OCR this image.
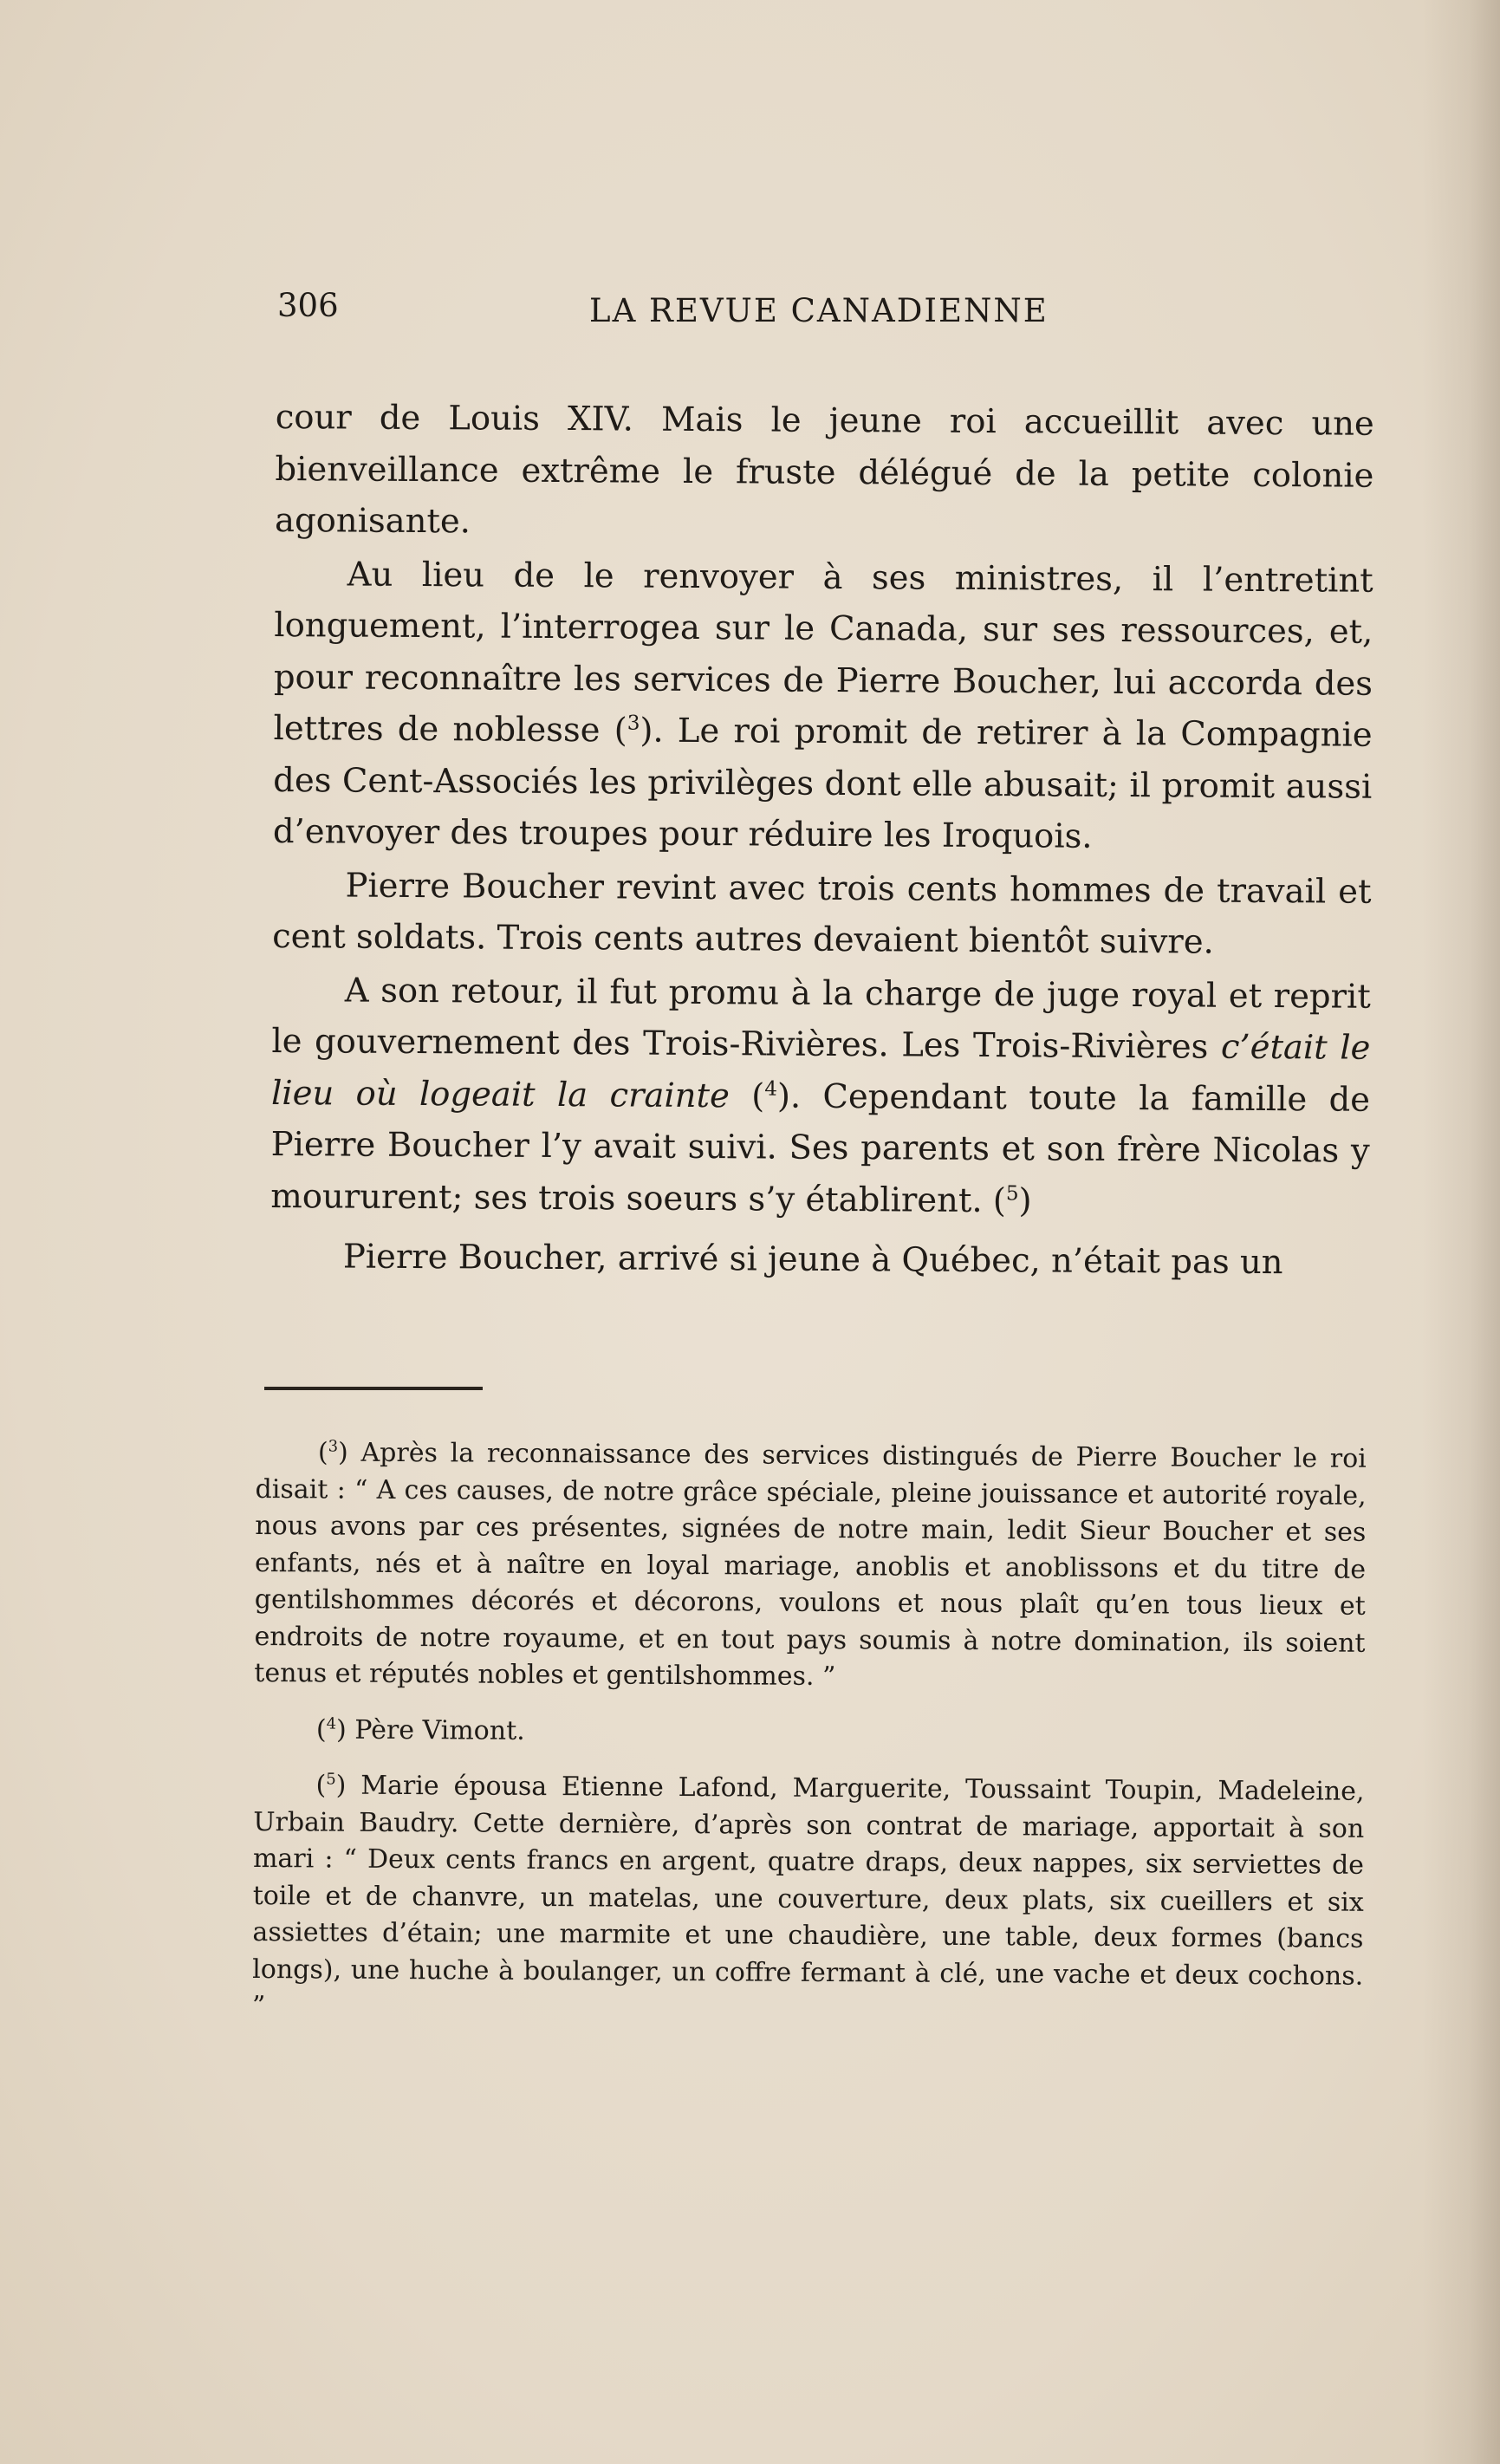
306	LA REVUE CANADIENNE

cour de Louis XIV. Mais le jeune roi accueillit avec une bienveillance extrême le fruste délégué de la petite colonie agonisante.

Au lieu de le renvoyer à ses ministres, il l’entretint longuement, l’interrogea sur le Canada, sur ses ressources, et, pour reconnaître les services de Pierre Boucher, lui accorda des lettres de noblesse ($^3$). Le roi promit de retirer à la Compagnie des Cent-Associés les privilèges dont elle abusait; il promit aussi d’envoyer des troupes pour réduire les Iroquois.

Pierre Boucher revint avec trois cents hommes de travail et cent soldats. Trois cents autres devaient bientôt suivre.

A son retour, il fut promu à la charge de juge royal et reprit le gouvernement des Trois-Rivières. Les Trois-Rivières c’était le lieu où logeait la crainte ($^4$). Cependant toute la famille de Pierre Boucher l’y avait suivi. Ses parents et son frère Nicolas y moururent; ses trois soeurs s’y établirent. ($^5$)

Pierre Boucher, arrivé si jeune à Québec, n’était pas un

($^3$) Après la reconnaissance des services distingués de Pierre Boucher le roi disait : “ A ces causes, de notre grâce spéciale, pleine jouissance et autorité royale, nous avons par ces présentes, signées de notre main, ledit Sieur Boucher et ses enfants, nés et à naître en loyal mariage, anoblis et anoblissons et du titre de gentilshommes décorés et décorons, voulons et nous plaît qu’en tous lieux et endroits de notre royaume, et en tout pays soumis à notre domination, ils soient tenus et réputés nobles et gentilshommes. ”

($^4$) Père Vimont.

($^5$) Marie épousa Etienne Lafond, Marguerite, Toussaint Toupin, Madeleine, Urbain Baudry. Cette dernière, d’après son contrat de mariage, apportait à son mari : “ Deux cents francs en argent, quatre draps, deux nappes, six serviettes de toile et de chanvre, un matelas, une couverture, deux plats, six cueillers et six assiettes d’étain; une marmite et une chaudière, une table, deux formes (bancs longs), une huche à boulanger, un coffre fermant à clé, une vache et deux cochons. ”
